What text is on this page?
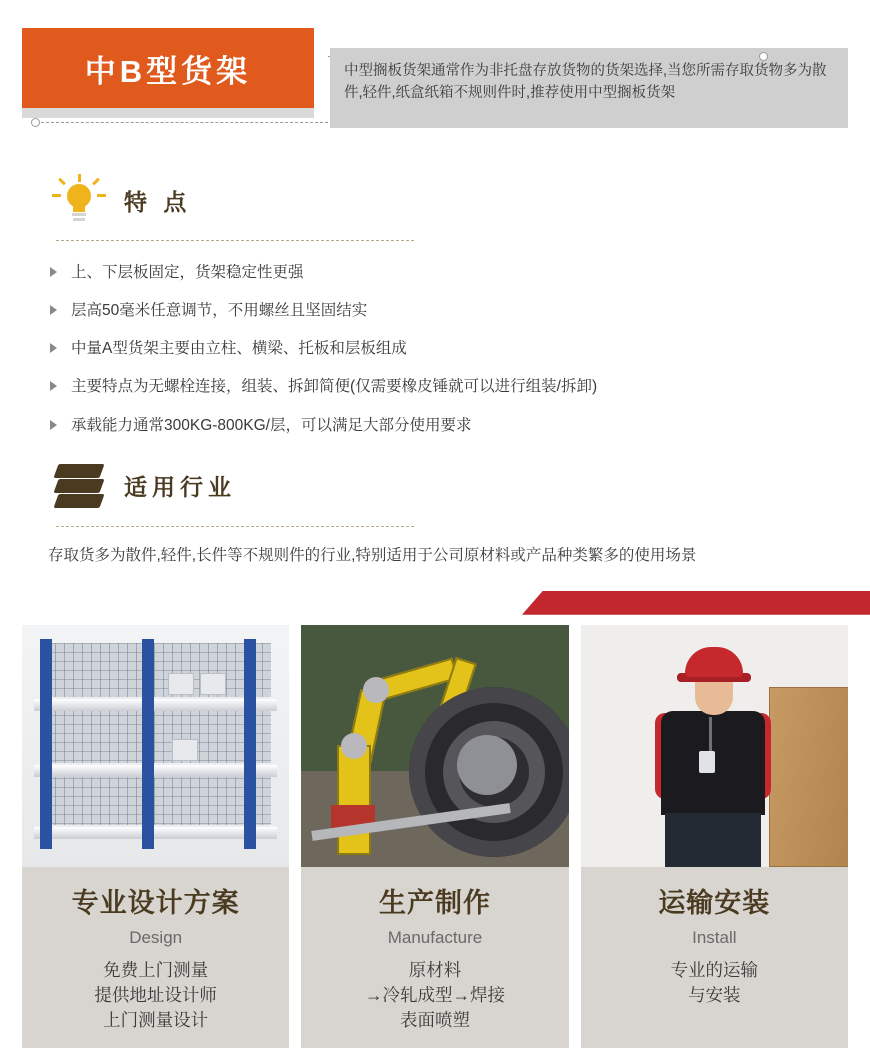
中B型货架	中型搁板货架通常作为非托盘存放货物的货架选择,当您所需存取货物多为散件,轻件,纸盒纸箱不规则件时,推荐使用中型搁板货架
特 点
上、下层板固定，货架稳定性更强
层高50毫米任意调节，不用螺丝且坚固结实
中量A型货架主要由立柱、横梁、托板和层板组成
主要特点为无螺栓连接，组装、拆卸简便(仅需要橡皮锤就可以进行组装/拆卸)
承载能力通常300KG-800KG/层，可以满足大部分使用要求
适用行业
存取货多为散件,轻件,长件等不规则件的行业,特别适用于公司原材料或产品种类繁多的使用场景
专业设计方案
Design
免费上门测量
提供地址设计师
上门测量设计
生产制作
Manufacture
原材料
→冷轧成型→焊接
表面喷塑
运输安装
Install
专业的运输
与安装
